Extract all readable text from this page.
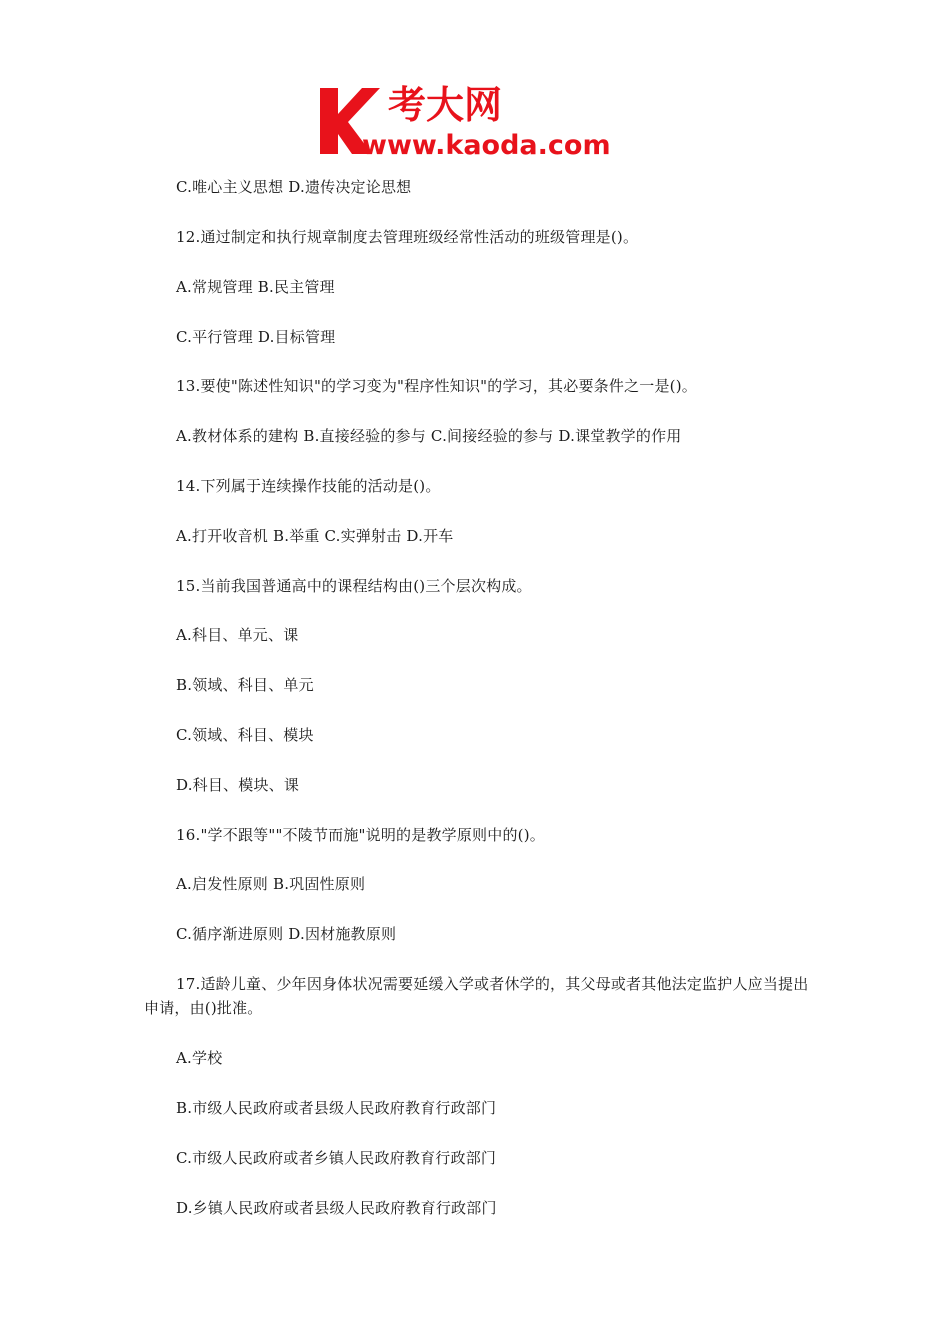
考大网
www.kaoda.com
C.唯心主义思想 D.遗传决定论思想
12.通过制定和执行规章制度去管理班级经常性活动的班级管理是()。
A.常规管理 B.民主管理
C.平行管理 D.目标管理
13.要使"陈述性知识"的学习变为"程序性知识"的学习，其必要条件之一是()。
A.教材体系的建构 B.直接经验的参与 C.间接经验的参与 D.课堂教学的作用
14.下列属于连续操作技能的活动是()。
A.打开收音机 B.举重 C.实弹射击 D.开车
15.当前我国普通高中的课程结构由()三个层次构成。
A.科目、单元、课
B.领域、科目、单元
C.领域、科目、模块
D.科目、模块、课
16."学不跟等""不陵节而施"说明的是教学原则中的()。
A.启发性原则 B.巩固性原则
C.循序渐进原则 D.因材施教原则
17.适龄儿童、少年因身体状况需要延缓入学或者休学的，其父母或者其他法定监护人应当提出申请，由()批准。
A.学校
B.市级人民政府或者县级人民政府教育行政部门
C.市级人民政府或者乡镇人民政府教育行政部门
D.乡镇人民政府或者县级人民政府教育行政部门
